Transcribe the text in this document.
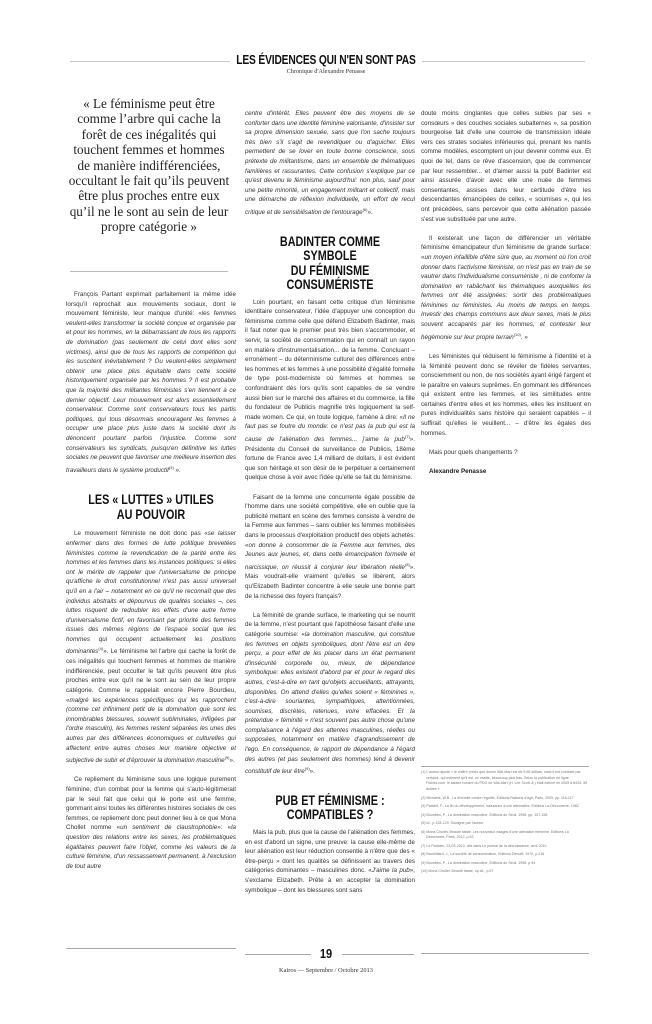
LES ÉVIDENCES QUI N'EN SONT PAS
Chronique d'Alexandre Penasse
« Le féminisme peut être comme l’arbre qui cache la forêt de ces inégalités qui touchent femmes et hommes de manière indifférenciées, occultant le fait qu’ils peuvent être plus proches entre eux qu’il ne le sont au sein de leur propre catégorie »

François Partant exprimait parfaitement la même idée lorsqu'il reprochait aux mouvements sociaux, dont le mouvement féministe, leur manque d'unité: «les femmes veulent-elles transformer la société conçue et organisée par et pour les hommes, en la débarrassant de tous les rapports de domination (pas seulement de celui dont elles sont victimes), ainsi que de tous les rapports de compétition qui les suscitent inévitablement ? Ou veulent-elles simplement obtenir une place plus équitable dans cette société historiquement organisée par les hommes ? Il est probable que la majorité des militantes féministes s'en tiennent à ce dernier objectif. Leur mouvement est alors essentiellement conservateur. Comme sont conservateurs tous les partis politiques, qui tous désormais encouragent les femmes à occuper une place plus juste dans la société dont ils dénoncent pourtant parfois l'injustice. Comme sont conservateurs les syndicats, puisqu'en définitive les luttes sociales ne peuvent que favoriser une meilleure insertion des travailleurs dans le système productif$^{(3)}$ ».

LES « LUTTES » UTILES
AU POUVOIR

Le mouvement féministe ne doit donc pas «se laisser enfermer dans des formes de lutte politique brevetées féministes comme la revendication de la parité entre les hommes et les femmes dans les instances politiques: si elles ont le mérite de rappeler que l'universalisme de principe qu'affiche le droit constitutionnel n'est pas aussi universel qu'il en a l'air – notamment en ce qu'il ne reconnaît que des individus abstraits et dépourvus de qualités sociales –, ces luttes risquent de redoubler les effets d'une autre forme d'universalisme fictif, en favorisant par priorité des femmes issues des mêmes régions de l'espace social que les hommes qui occupent actuellement les positions dominantes$^{(4)}$». Le féminisme tel l'arbre qui cache la forêt de ces inégalités qui touchent femmes et hommes de manière indifférenciée, peut occulter le fait qu'ils peuvent être plus proches entre eux qu'il ne le sont au sein de leur propre catégorie. Comme le rappelait encore Pierre Bourdieu, «malgré les expériences spécifiques qui les rapprochent (comme cet infiniment petit de la domination que sont les innombrables blessures, souvent subliminales, infligées par l'ordre masculin), les femmes restent séparées les unes des autres par des différences économiques et culturelles qui affectent entre autres choses leur manière objective et subjective de subir et d'éprouver la domination masculine$^{(5)}$».

Ce repliement du féminisme sous une logique purement féminine, d'un combat pour la femme qui s'auto-légitimerait par le seul fait que celui qui le porte est une femme, gommant ainsi toutes les différentes histoires sociales de ces femmes, ce repliement donc peut donner lieu à ce que Mona Chollet nomme «un sentiment de claustrophobie»: «la question des relations entre les sexes, les problématiques égalitaires peuvent faire l'objet, comme les valeurs de la culture féminine, d'un ressassement permanent, à l'exclusion de tout autre

centre d'intérêt. Elles peuvent être des moyens de se conforter dans une identité féminine valorisante, d'insister sur sa propre dimension sexuée, sans que l'on sache toujours très bien s'il s'agit de revendiquer ou d'aguicher. Elles permettent de se lover en toute bonne conscience, sous prétexte de militantisme, dans un ensemble de thématiques familières et rassurantes. Cette confusion s'explique par ce qu'est devenu le féminisme aujourd'hui: non plus, sauf pour une petite minorité, un engagement militant et collectif, mais une démarche de réflexion individuelle, un effort de recul critique et de sensibilisation de l'entourage$^{(6)}$».

BADINTER COMME SYMBOLE
DU FÉMINISME CONSUMÉRISTE

Loin pourtant, en faisant cette critique d'un féminisme identitaire conservateur, l'idée d'appuyer une conception du féminisme comme celle que défend Elizabeth Badinter, mais il faut noter que le premier peut très bien s'accommoder, et servir, la société de consommation qui en connaît un rayon en matière d'instrumentalisation... de la femme. Concluant – erronément – du déterminisme culturel des différences entre les hommes et les femmes à une possibilité d'égalité formelle de type post-moderniste où femmes et hommes se confondraient dès lors qu'ils sont capables de se vendre aussi bien sur le marché des affaires et du commerce, la fille du fondateur de Publicis magnifie très logiquement la self-made women. Ce qui, en toute logique, l'amène à dire: «Il ne faut pas se foutre du monde: ce n'est pas la pub qui est la cause de l'aliénation des femmes... j'aime la pub$^{(7)}$». Présidente du Conseil de surveillance de Publicis, 18ème fortune de France avec 1,4 milliard de dollars, il est évident que son héritage et son désir de le perpétuer a certainement quelque chose à voir avec l'idée qu'elle se fait du féminisme.

Faisant de la femme une concurrente égale possible de l'homme dans une société compétitive, elle en oublie que la publicité mettant en scène des femmes consiste à vendre de la Femme aux femmes – sans oublier les femmes mobilisées dans le processus d'exploitation productif des objets achetés: «on donne à consommer de la Femme aux femmes, des Jeunes aux jeunes, et, dans cette émancipation formelle et narcissique, on réussit à conjurer leur libération réelle$^{(8)}$». Mais voudrait-elle vraiment qu'elles se libèrent, alors qu'Elizabeth Badinter concentre à elle seule une bonne part de la richesse des foyers français?

La féminité de grande surface, le marketing qui se nourrit de la femme, n'est pourtant que l'apothéose faisant d'elle une catégorie soumise: «la domination masculine, qui constitue les femmes en objets symboliques, dont l'être est un être perçu, a pour effet de les placer dans un état permanent d'insécurité corporelle ou, mieux, de dépendance symbolique: elles existent d'abord par et pour le regard des autres, c'est-à-dire en tant qu'objets accueillants, attrayants, disponibles. On attend d'elles qu'elles soient « féminines », c'est-à-dire souriantes, sympathiques, attentionnées, soumises, discrètes, retenues, voire effacées. Et la prétendue « féminité » n'est souvent pas autre chose qu'une complaisance à l'égard des attentes masculines, réelles ou supposées, notamment en matière d'agrandissement de l'ego. En conséquence, le rapport de dépendance à l'égard des autres (et pas seulement des hommes) tend à devenir constitutif de leur être$^{(9)}$».

PUB ET FÉMINISME :
COMPATIBLES ?

Mais la pub, plus que la cause de l'aliénation des femmes, en est d'abord un signe, une preuve: la cause elle-même de leur aliénation est leur réduction consentie à n'être que des « être-perçu » dont les qualités se définissent au travers des catégories dominantes – masculines donc. «J'aime la pub», s'exclame Elizabeth. Prête à en accepter la domination symbolique – dont les blessures sont sans

doute moins cinglantes que celles subies par ses « consœurs » des couches sociales subalternes », sa position bourgeoise fait d'elle une courroie de transmission idéale vers ces strates sociales inférieures qui, prenant les nantis comme modèles, escomptent un jour devenir comme eux. Et quoi de tel, dans ce rêve d'ascension, que de commencer par leur ressembler... et d'aimer aussi la pub! Badinter est ainsi assurée d'avoir avec elle une nuée de femmes consentantes, assises dans leur certitude d'être les descendantes émancipées de celles, « soumises », qui les ont précédées, sans percevoir que cette aliénation passée s'est vue substituée par une autre.

Il existerait une façon de différencier un véritable féminisme émancipateur d'un féminisme de grande surface: «un moyen infaillible d'être sûre que, au moment où l'on croit donner dans l'activisme féministe, on n'est pas en train de se vautrer dans l'individualisme consumériste , ni de conforter la domination en rabâchant les thématiques auxquelles les femmes ont été assignées: sortir des problématiques féminines ou féministes. Au moins de temps en temps. Investir des champs communs aux deux sexes, mais le plus souvent accaparés par les hommes, et contester leur hégémonie sur leur propre terrain$^{(10)}$. »

Les féministes qui réduisent le féminisme à l'identité et à la féminité peuvent donc se révéler de fidèles servantes, consciemment ou non, de nos sociétés ayant érigé l'argent et le paraître en valeurs suprêmes. En gommant les différences qui existent entre les femmes, et les similitudes entre certaines d'entre elles et les hommes, elles les instituent en pures individualités sans histoire qui seraient capables – il suffirait qu'elles le veuillent... – d'être les égales des hommes.

Mais pour quels changements ?

Alexandre Penasse

(1) L'auteur ajoute « le chiffre précis que donne Wal-Mart est de 9,68 dollars, mais il est contesté par certains, qui estiment qu'il est, en réalité, beaucoup plus bas. Selon la publication en ligne Forbes.com, le salaire horaire du PDG de Wal-Mart (H. Lee Scott Jr.) était estimé en 2005 à 8434, 49 dollars »
(2) Michaels, W.B., La diversité contre l'égalité, Éditions Raisons d'agir, Paris, 2009, pp. 116-117
(3) Partant, F., La fin du développement, naissance d'une alternative, Editions La Découverte, 1982
(4) Bourdieu, P., La domination masculine, Editions du Seuil, 1998, pp. 157-158
(5) Id., p.128-129. Souligné par l'auteur
(6) Mona Chollet, Beauté fatale. Les nouveaux visages d'une aliénation féminine, Editions La Découverte, Paris, 2012, p.63
(7) Le Parisien, 23-03-2010, cité dans Le journal de la décroissance, avril 2010
(8) Baudrillard, J., La société de consommation, Editions Denoël, 1970, p.216
(9) Bourdieu, P., La domination masculine, Editions du Seuil, 1998, p.94
(10) Mona Chollet, Beauté fatale, op.cit., p.67
19
Kairos — Septembre / Octobre 2013
